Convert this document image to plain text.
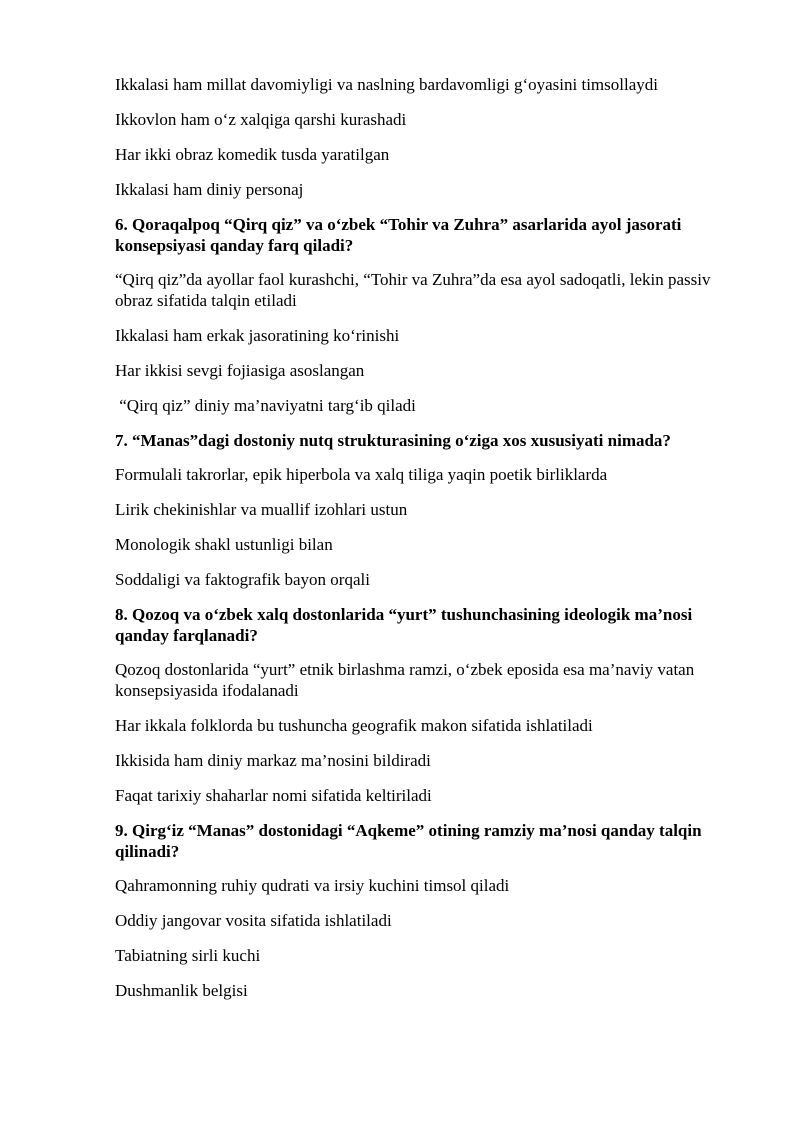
Ikkalasi ham millat davomiyligi va naslning bardavomligi g‘oyasini timsollaydi

Ikkovlon ham o‘z xalqiga qarshi kurashadi

Har ikki obraz komedik tusda yaratilgan

Ikkalasi ham diniy personaj

6. Qoraqalpoq “Qirq qiz” va o‘zbek “Tohir va Zuhra” asarlarida ayol jasorati konsepsiyasi qanday farq qiladi?

“Qirq qiz”da ayollar faol kurashchi, “Tohir va Zuhra”da esa ayol sadoqatli, lekin passiv obraz sifatida talqin etiladi

Ikkalasi ham erkak jasoratining ko‘rinishi

Har ikkisi sevgi fojiasiga asoslangan

“Qirq qiz” diniy ma’naviyatni targ‘ib qiladi

7. “Manas”dagi dostoniy nutq strukturasining o‘ziga xos xususiyati nimada?

Formulali takrorlar, epik hiperbola va xalq tiliga yaqin poetik birliklarda

Lirik chekinishlar va muallif izohlari ustun

Monologik shakl ustunligi bilan

Soddaligi va faktografik bayon orqali

8. Qozoq va o‘zbek xalq dostonlarida “yurt” tushunchasining ideologik ma’nosi qanday farqlanadi?

Qozoq dostonlarida “yurt” etnik birlashma ramzi, o‘zbek eposida esa ma’naviy vatan konsepsiyasida ifodalanadi

Har ikkala folklorda bu tushuncha geografik makon sifatida ishlatiladi

Ikkisida ham diniy markaz ma’nosini bildiradi

Faqat tarixiy shaharlar nomi sifatida keltiriladi

9. Qirg‘iz “Manas” dostonidagi “Aqkeme” otining ramziy ma’nosi qanday talqin qilinadi?

Qahramonning ruhiy qudrati va irsiy kuchini timsol qiladi

Oddiy jangovar vosita sifatida ishlatiladi

Tabiatning sirli kuchi

Dushmanlik belgisi
